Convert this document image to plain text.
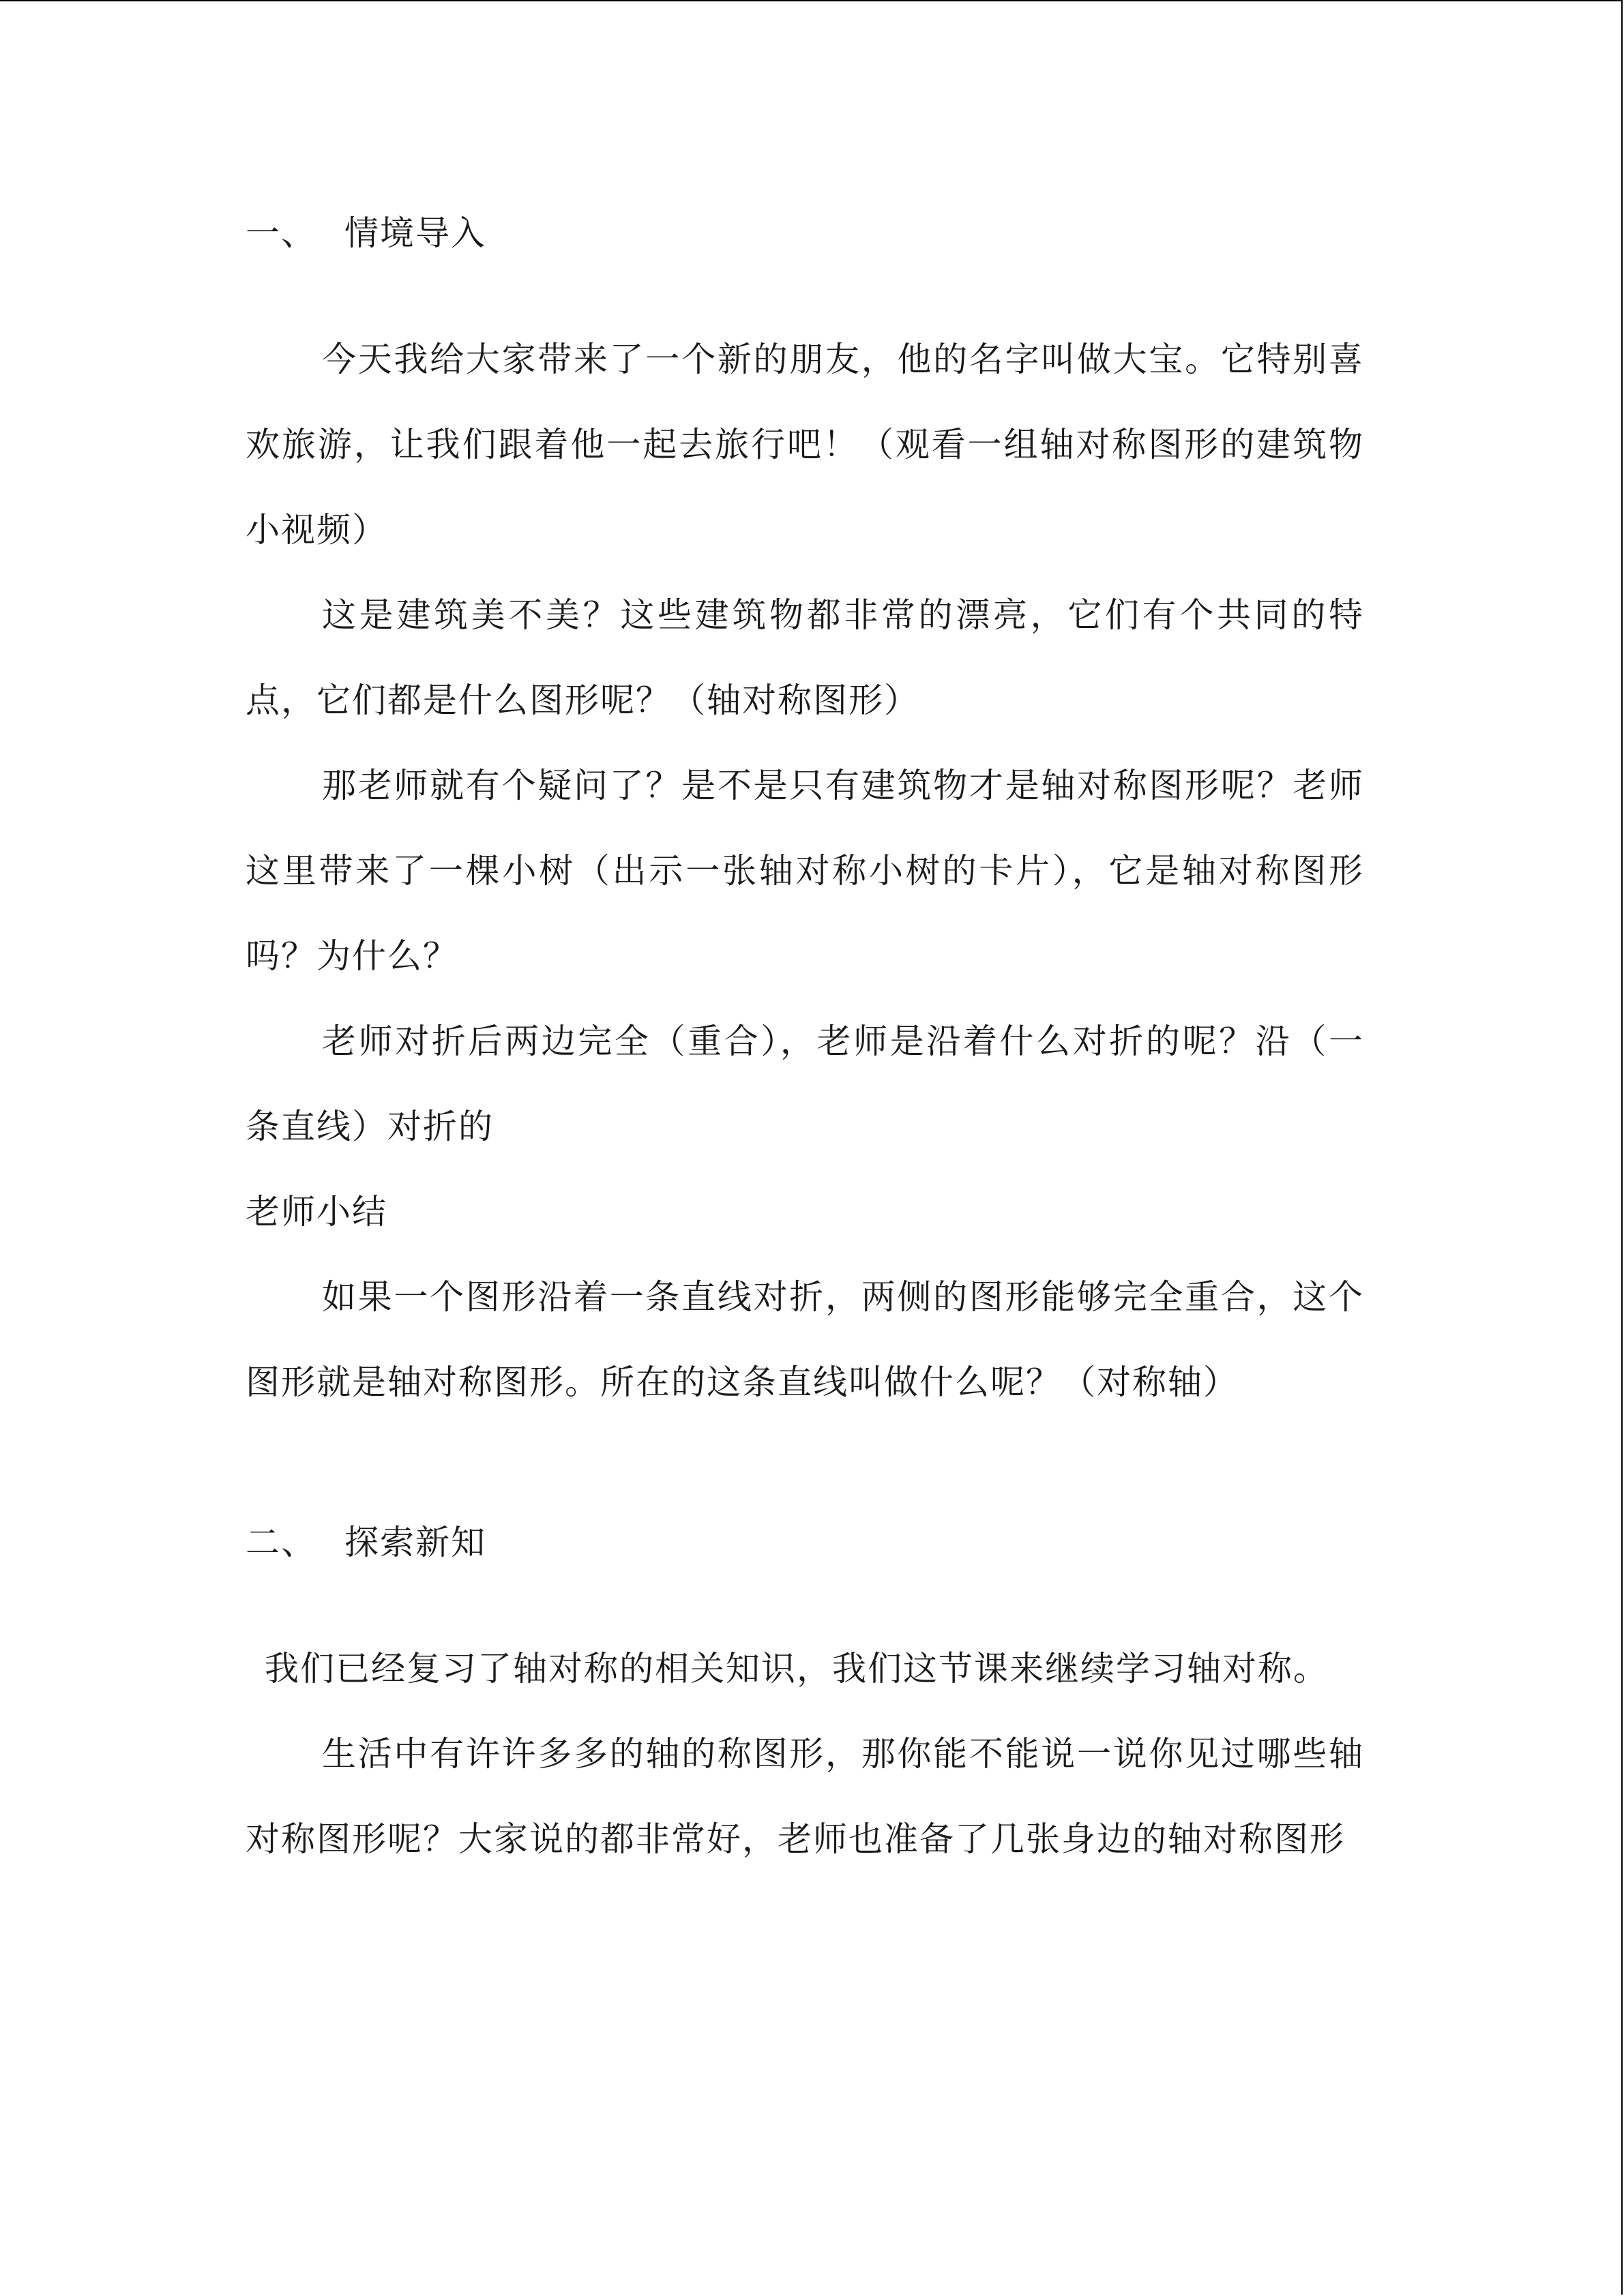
一、 情境导入

今天我给大家带来了一个新的朋友，他的名字叫做大宝。它特别喜欢旅游，让我们跟着他一起去旅行吧！（观看一组轴对称图形的建筑物小视频）

这是建筑美不美？这些建筑物都非常的漂亮，它们有个共同的特点，它们都是什么图形呢？（轴对称图形）

那老师就有个疑问了？是不是只有建筑物才是轴对称图形呢？老师这里带来了一棵小树（出示一张轴对称小树的卡片），它是轴对称图形吗？为什么？

老师对折后两边完全（重合），老师是沿着什么对折的呢？沿（一条直线）对折的

老师小结

如果一个图形沿着一条直线对折，两侧的图形能够完全重合，这个图形就是轴对称图形。所在的这条直线叫做什么呢？（对称轴）

二、 探索新知

我们已经复习了轴对称的相关知识，我们这节课来继续学习轴对称。

生活中有许许多多的轴的称图形，那你能不能说一说你见过哪些轴对称图形呢？大家说的都非常好，老师也准备了几张身边的轴对称图形
